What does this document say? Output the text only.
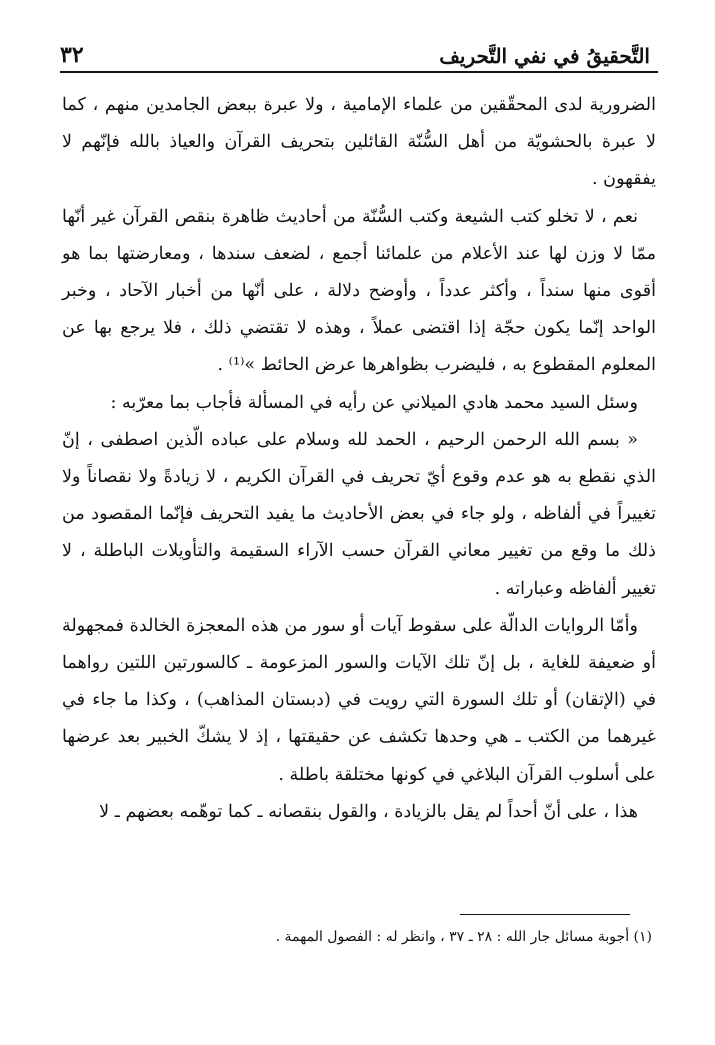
٣٢	التَّحقيقُ في نفي التَّحريف

الضرورية لدى المحقّقين من علماء الإمامية ، ولا عبرة ببعض الجامدين منهم ، كما لا عبرة بالحشويّة من أهل السُّنّة القائلين بتحريف القرآن والعياذ بالله فإنّهم لا يفقهون .

نعم ، لا تخلو كتب الشيعة وكتب السُّنّة من أحاديث ظاهرة بنقص القرآن غير أنّها ممّا لا وزن لها عند الأعلام من علمائنا أجمع ، لضعف سندها ، ومعارضتها بما هو أقوى منها سنداً ، وأكثر عدداً ، وأوضح دلالة ، على أنّها من أخبار الآحاد ، وخبر الواحد إنّما يكون حجّة إذا اقتضى عملاً ، وهذه لا تقتضي ذلك ، فلا يرجع بها عن المعلوم المقطوع به ، فليضرب بظواهرها عرض الحائط »⁽¹⁾ .

وسئل السيد محمد هادي الميلاني عن رأيه في المسألة فأجاب بما معرّبه :

« بسم الله الرحمن الرحيم ، الحمد لله وسلام على عباده الّذين اصطفى ، إنّ الذي نقطع به هو عدم وقوع أيّ تحريف في القرآن الكريم ، لا زيادةً ولا نقصاناً ولا تغييراً في ألفاظه ، ولو جاء في بعض الأحاديث ما يفيد التحريف فإنّما المقصود من ذلك ما وقع من تغيير معاني القرآن حسب الآراء السقيمة والتأويلات الباطلة ، لا تغيير ألفاظه وعباراته .

وأمّا الروايات الدالّة على سقوط آيات أو سور من هذه المعجزة الخالدة فمجهولة أو ضعيفة للغاية ، بل إنّ تلك الآيات والسور المزعومة ـ كالسورتين اللتين رواهما في (الإتقان) أو تلك السورة التي رويت في (دبستان المذاهب) ، وكذا ما جاء في غيرهما من الكتب ـ هي وحدها تكشف عن حقيقتها ، إذ لا يشكّ الخبير بعد عرضها على أسلوب القرآن البلاغي في كونها مختلقة باطلة .

هذا ، على أنّ أحداً لم يقل بالزيادة ، والقول بنقصانه ـ كما توهّمه بعضهم ـ لا

(١) أجوبة مسائل جار الله : ٢٨ ـ ٣٧ ، وانظر له : الفصول المهمة .
